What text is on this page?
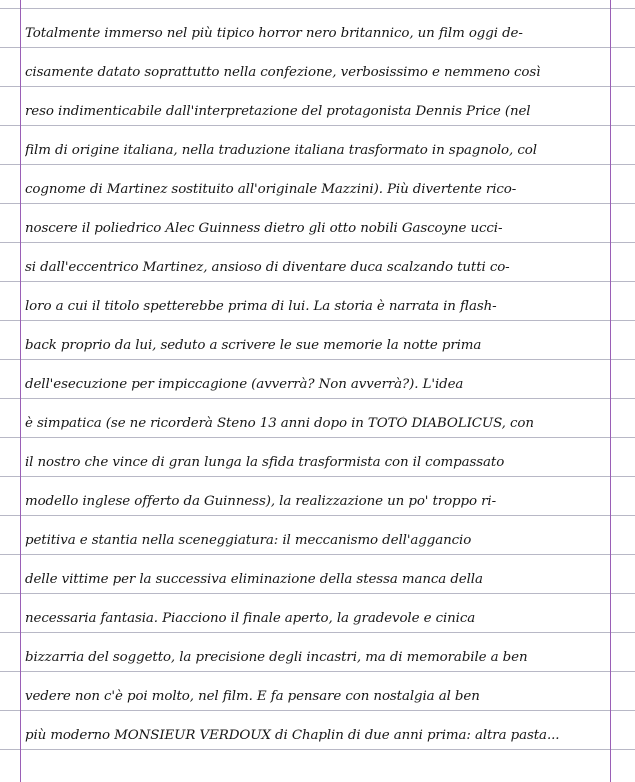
Totalmente immerso nel più tipico horror nero britannico, un film oggi de-
cisamente datato soprattutto nella confezione, verbosissimo e nemmeno così
reso indimenticabile dall'interpretazione del protagonista Dennis Price (nel
film di origine italiana, nella traduzione italiana trasformato in spagnolo, col
cognome di Martinez sostituito all'originale Mazzini). Più divertente rico-
noscere il poliedrico Alec Guinness dietro gli otto nobili Gascoyne ucci-
si dall'eccentrico Martinez, ansioso di diventare duca scalzando tutti co-
loro a cui il titolo spetterebbe prima di lui. La storia è narrata in flash-
back proprio da lui, seduto a scrivere le sue memorie la notte prima
dell'esecuzione per impiccagione (avverrà? Non avverrà?). L'idea
è simpatica (se ne ricorderà Steno 13 anni dopo in TOTÒ DIABOLICUS, con
il nostro che vince di gran lunga la sfida trasformista con il compassato
modello inglese offerto da Guinness), la realizzazione un po' troppo ri-
petitiva e stantia nella sceneggiatura: il meccanismo dell'aggancio
delle vittime per la successiva eliminazione della stessa manca della
necessaria fantasia. Piacciono il finale aperto, la gradevole e cinica
bizzarria del soggetto, la precisione degli incastri, ma di memorabile a ben
vedere non c'è poi molto, nel film. E fa pensare con nostalgia al ben
più moderno MONSIEUR VERDOUX di Chaplin di due anni prima: altra pasta...
